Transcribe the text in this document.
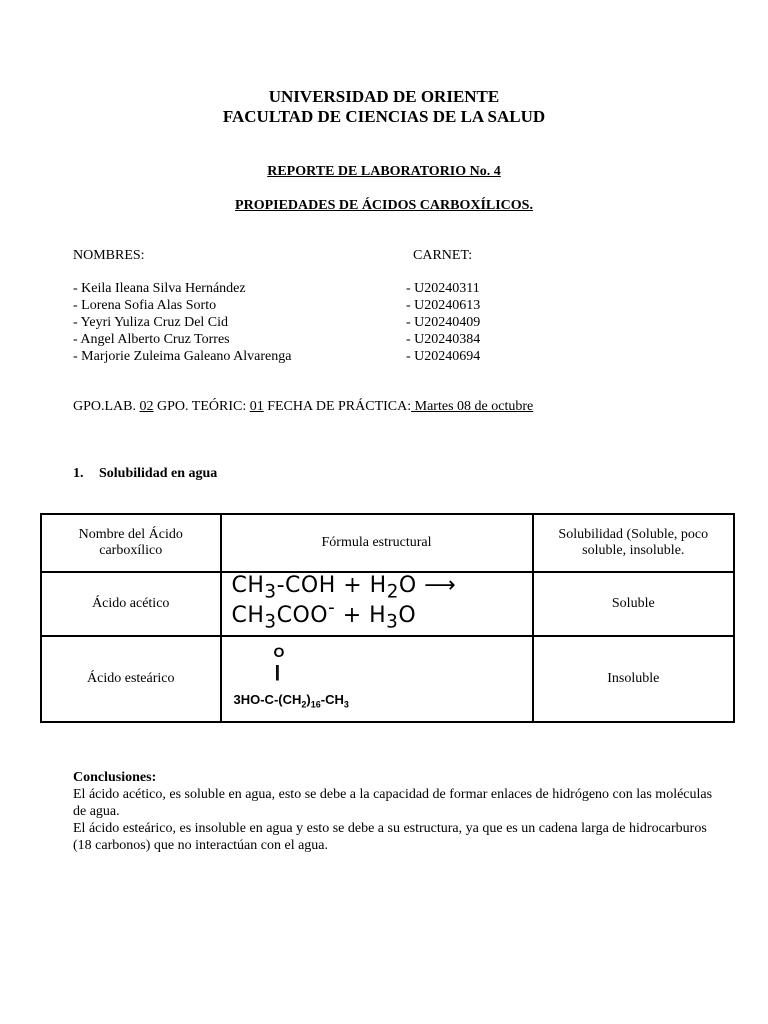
UNIVERSIDAD DE ORIENTE
FACULTAD DE CIENCIAS DE LA SALUD
REPORTE DE LABORATORIO No. 4
PROPIEDADES DE ÁCIDOS CARBOXÍLICOS.
NOMBRES:	CARNET:
- Keila Ileana Silva Hernández	- U20240311
- Lorena Sofia Alas Sorto	- U20240613
- Yeyri Yuliza Cruz Del Cid	- U20240409
- Angel Alberto Cruz Torres	- U20240384
- Marjorie Zuleima Galeano Alvarenga	- U20240694
GPO.LAB. 02 GPO. TEÓRIC: 01 FECHA DE PRÁCTICA: Martes 08 de octubre
1. Solubilidad en agua
Nombre del Ácido carboxílico	Fórmula estructural	Solubilidad (Soluble, poco soluble, insoluble.
Ácido acético	$CH_3$-COH + $H_2O$ ⟶ $CH_3COO^- + H_3O$	Soluble
Ácido esteárico	O
||
$3HO-C-(CH_2)_{16}-CH_3$	Insoluble
Conclusiones:
El ácido acético, es soluble en agua, esto se debe a la capacidad de formar enlaces de hidrógeno con las moléculas de agua.
El ácido esteárico, es insoluble en agua y esto se debe a su estructura, ya que es un cadena larga de hidrocarburos (18 carbonos) que no interactúan con el agua.
